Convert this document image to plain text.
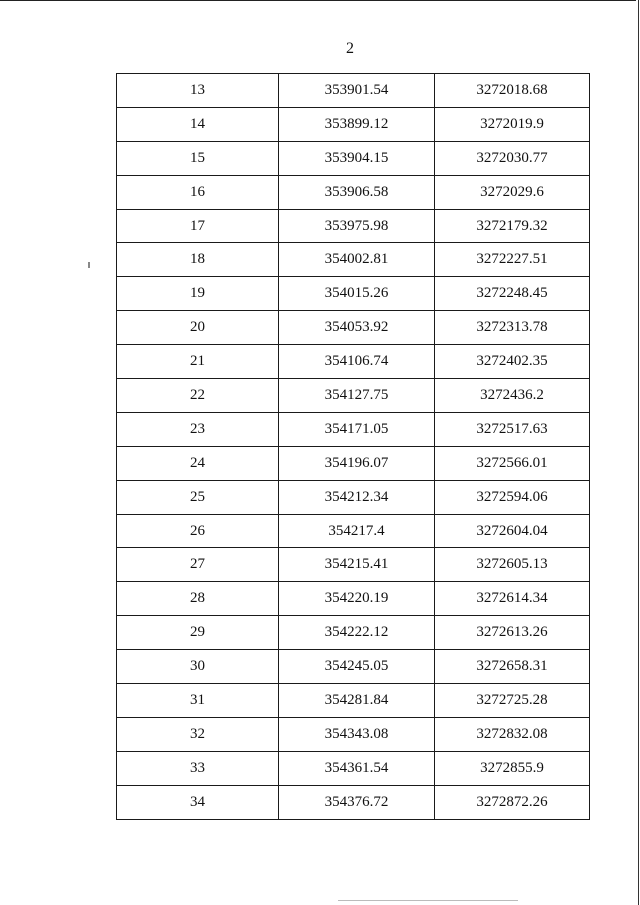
2
13	353901.54	3272018.68
14	353899.12	3272019.9
15	353904.15	3272030.77
16	353906.58	3272029.6
17	353975.98	3272179.32
18	354002.81	3272227.51
19	354015.26	3272248.45
20	354053.92	3272313.78
21	354106.74	3272402.35
22	354127.75	3272436.2
23	354171.05	3272517.63
24	354196.07	3272566.01
25	354212.34	3272594.06
26	354217.4	3272604.04
27	354215.41	3272605.13
28	354220.19	3272614.34
29	354222.12	3272613.26
30	354245.05	3272658.31
31	354281.84	3272725.28
32	354343.08	3272832.08
33	354361.54	3272855.9
34	354376.72	3272872.26
